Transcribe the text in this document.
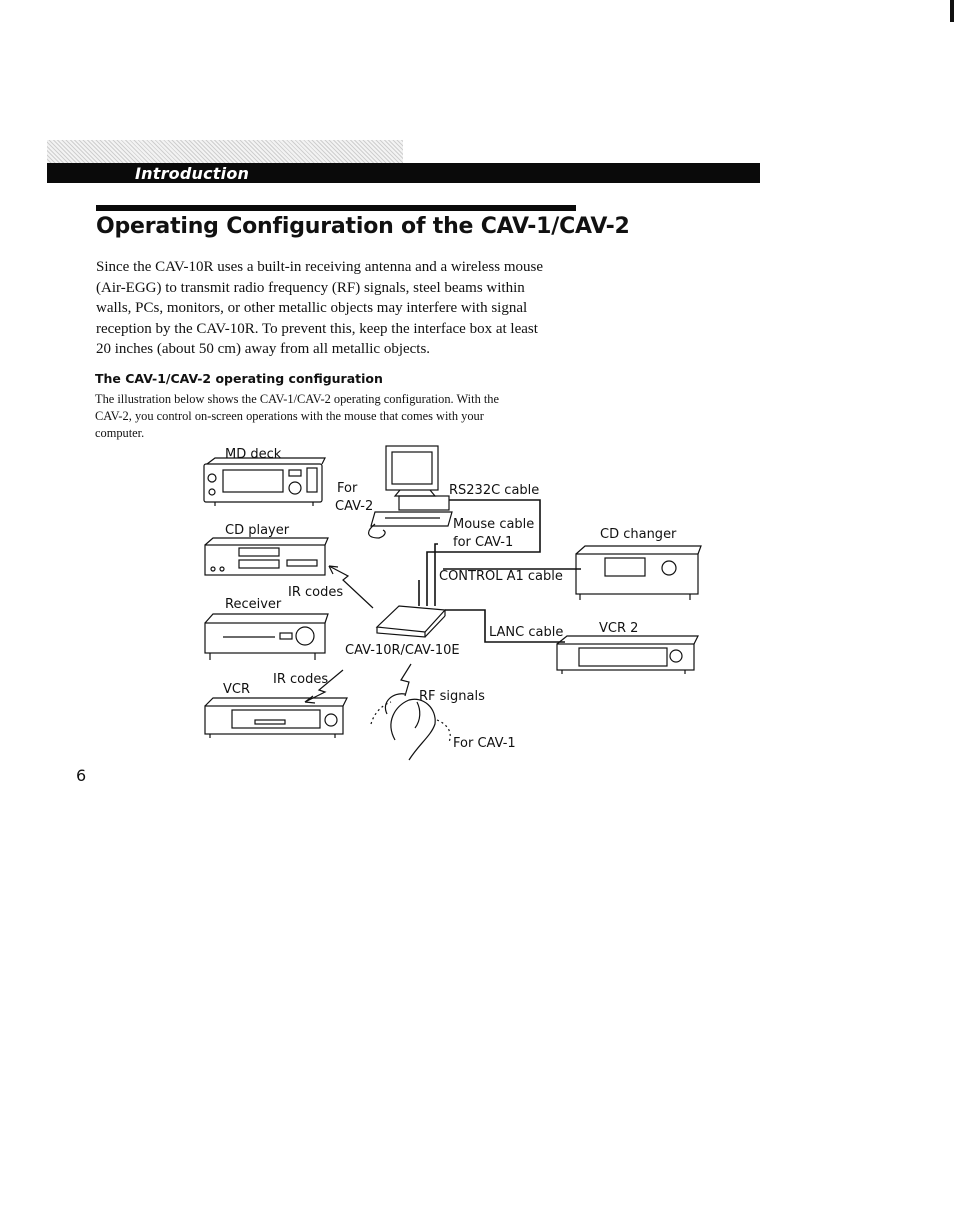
Introduction
Operating Configuration of the CAV-1/CAV-2

Since the CAV-10R uses a built-in receiving antenna and a wireless mouse
(Air-EGG) to transmit radio frequency (RF) signals, steel beams within
walls, PCs, monitors, or other metallic objects may interfere with signal
reception by the CAV-10R. To prevent this, keep the interface box at least
20 inches (about 50 cm) away from all metallic objects.

The CAV-1/CAV-2 operating configuration

The illustration below shows the CAV-1/CAV-2 operating configuration. With the
CAV-2, you control on-screen operations with the mouse that comes with your
computer.

MD deck
For
CAV-2
RS232C cable
CD player	Mouse cable
for CAV-1
CD changer
CONTROL A1 cable
IR codes
Receiver
LANC cable	VCR 2
CAV-10R/CAV-10E
IR codes
VCR	RF signals
For CAV-1
6
